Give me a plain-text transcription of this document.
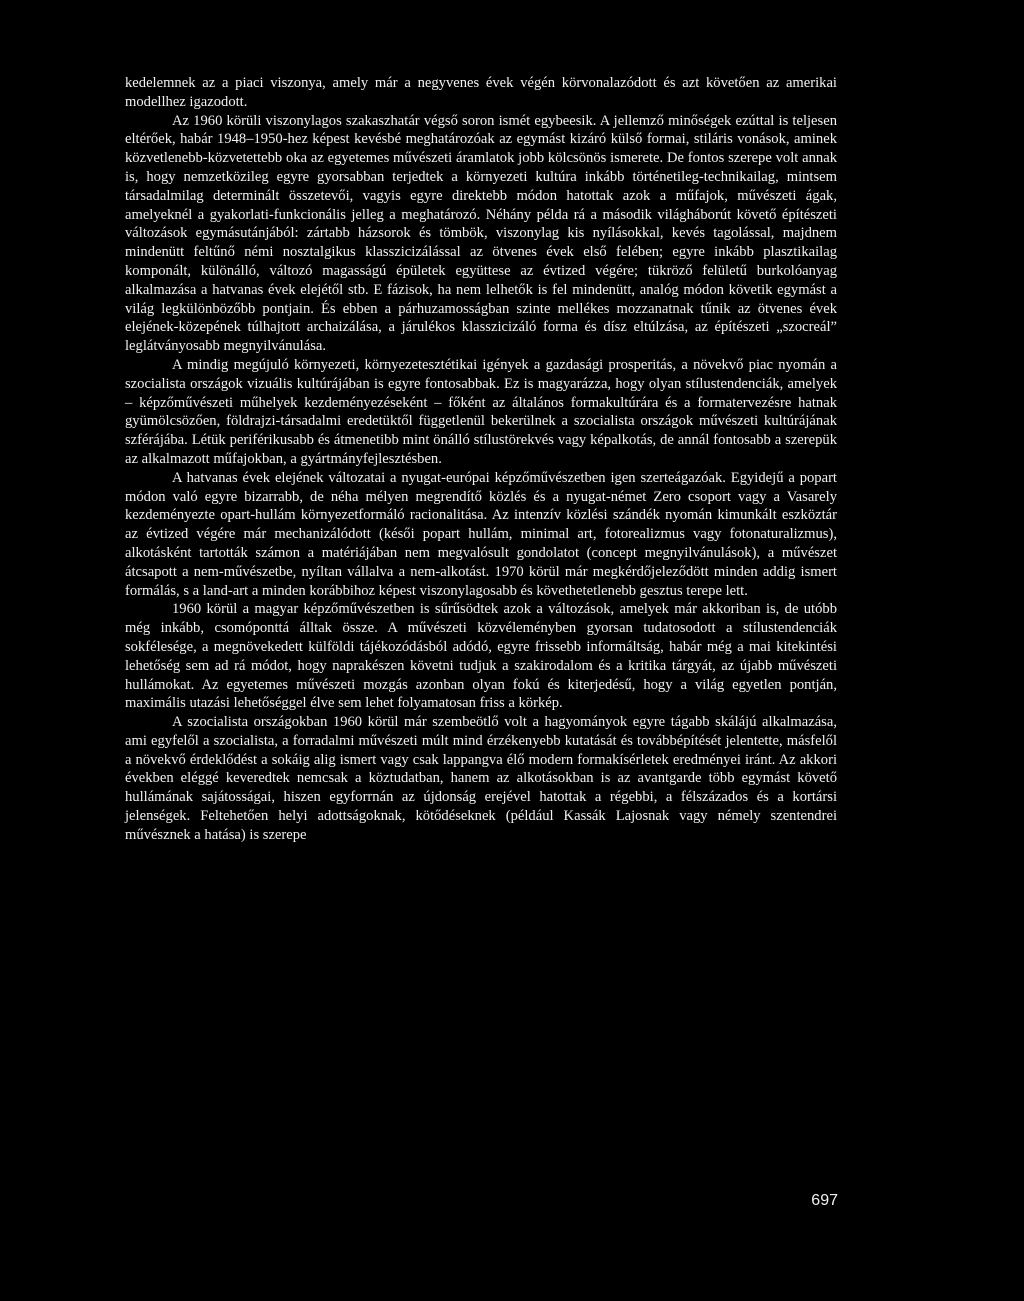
kedelemnek az a piaci viszonya, amely már a negyvenes évek végén körvonalazódott és azt követően az amerikai modellhez igazodott.

Az 1960 körüli viszonylagos szakaszhatár végső soron ismét egybeesik. A jellemző minőségek ezúttal is teljesen eltérőek, habár 1948–1950-hez képest kevésbé meghatározóak az egymást kizáró külső formai, stiláris vonások, aminek közvetlenebb-közvetettebb oka az egyetemes művészeti áramlatok jobb kölcsönös ismerete. De fontos szerepe volt annak is, hogy nemzetközileg egyre gyorsabban terjedtek a környezeti kultúra inkább történetileg-technikailag, mintsem társadalmilag determinált összetevői, vagyis egyre direktebb módon hatottak azok a műfajok, művészeti ágak, amelyeknél a gyakorlati-funkcionális jelleg a meghatározó. Néhány példa rá a második világháborút követő építészeti változások egymásutánjából: zártabb házsorok és tömbök, viszonylag kis nyílásokkal, kevés tagolással, majdnem mindenütt feltűnő némi nosztalgikus klasszicizálással az ötvenes évek első felében; egyre inkább plasztikailag komponált, különálló, változó magasságú épületek együttese az évtized végére; tükröző felületű burkolóanyag alkalmazása a hatvanas évek elejétől stb. E fázisok, ha nem lelhetők is fel mindenütt, analóg módon követik egymást a világ legkülönbözőbb pontjain. És ebben a párhuzamosságban szinte mellékes mozzanatnak tűnik az ötvenes évek elejének-közepének túlhajtott archaizálása, a járulékos klasszicizáló forma és dísz eltúlzása, az építészeti „szocreál” leglátványosabb megnyilvánulása.

A mindig megújuló környezeti, környezetesztétikai igények a gazdasági prosperitás, a növekvő piac nyomán a szocialista országok vizuális kultúrájában is egyre fontosabbak. Ez is magyarázza, hogy olyan stílustendenciák, amelyek – képzőművészeti műhelyek kezdeményezéseként – főként az általános formakultúrára és a formatervezésre hatnak gyümölcsözően, földrajzi-társadalmi eredetüktől függetlenül bekerülnek a szocialista országok művészeti kultúrájának szférájába. Létük periférikusabb és átmenetibb mint önálló stílustörekvés vagy képalkotás, de annál fontosabb a szerepük az alkalmazott műfajokban, a gyártmányfejlesztésben.

A hatvanas évek elejének változatai a nyugat-európai képzőművészetben igen szerteágazóak. Egyidejű a popart módon való egyre bizarrabb, de néha mélyen megrendítő közlés és a nyugat-német Zero csoport vagy a Vasarely kezdeményezte opart-hullám környezetformáló racionalitása. Az intenzív közlési szándék nyomán kimunkált eszköztár az évtized végére már mechanizálódott (késői popart hullám, minimal art, fotorealizmus vagy fotonaturalizmus), alkotásként tartották számon a matériájában nem megvalósult gondolatot (concept megnyilvánulások), a művészet átcsapott a nem-művészetbe, nyíltan vállalva a nem-alkotást. 1970 körül már megkérdőjeleződött minden addig ismert formálás, s a land-art a minden korábbihoz képest viszonylagosabb és követhetetlenebb gesztus terepe lett.

1960 körül a magyar képzőművészetben is sűrűsödtek azok a változások, amelyek már akkoriban is, de utóbb még inkább, csomóponttá álltak össze. A művészeti közvéleményben gyorsan tudatosodott a stílustendenciák sokfélesége, a megnövekedett külföldi tájékozódásból adódó, egyre frissebb informáltság, habár még a mai kitekintési lehetőség sem ad rá módot, hogy naprakészen követni tudjuk a szakirodalom és a kritika tárgyát, az újabb művészeti hullámokat. Az egyetemes művészeti mozgás azonban olyan fokú és kiterjedésű, hogy a világ egyetlen pontján, maximális utazási lehetőséggel élve sem lehet folyamatosan friss a körkép.

A szocialista országokban 1960 körül már szembeötlő volt a hagyományok egyre tágabb skálájú alkalmazása, ami egyfelől a szocialista, a forradalmi művészeti múlt mind érzékenyebb kutatását és továbbépítését jelentette, másfelől a növekvő érdeklődést a sokáig alig ismert vagy csak lappangva élő modern formakísérletek eredményei iránt. Az akkori években eléggé keveredtek nemcsak a köztudatban, hanem az alkotásokban is az avantgarde több egymást követő hullámának sajátosságai, hiszen egyforrnán az újdonság erejével hatottak a régebbi, a félszázados és a kortársi jelenségek. Feltehetően helyi adottságoknak, kötődéseknek (például Kassák Lajosnak vagy némely szentendrei művésznek a hatása) is szerepe

697
